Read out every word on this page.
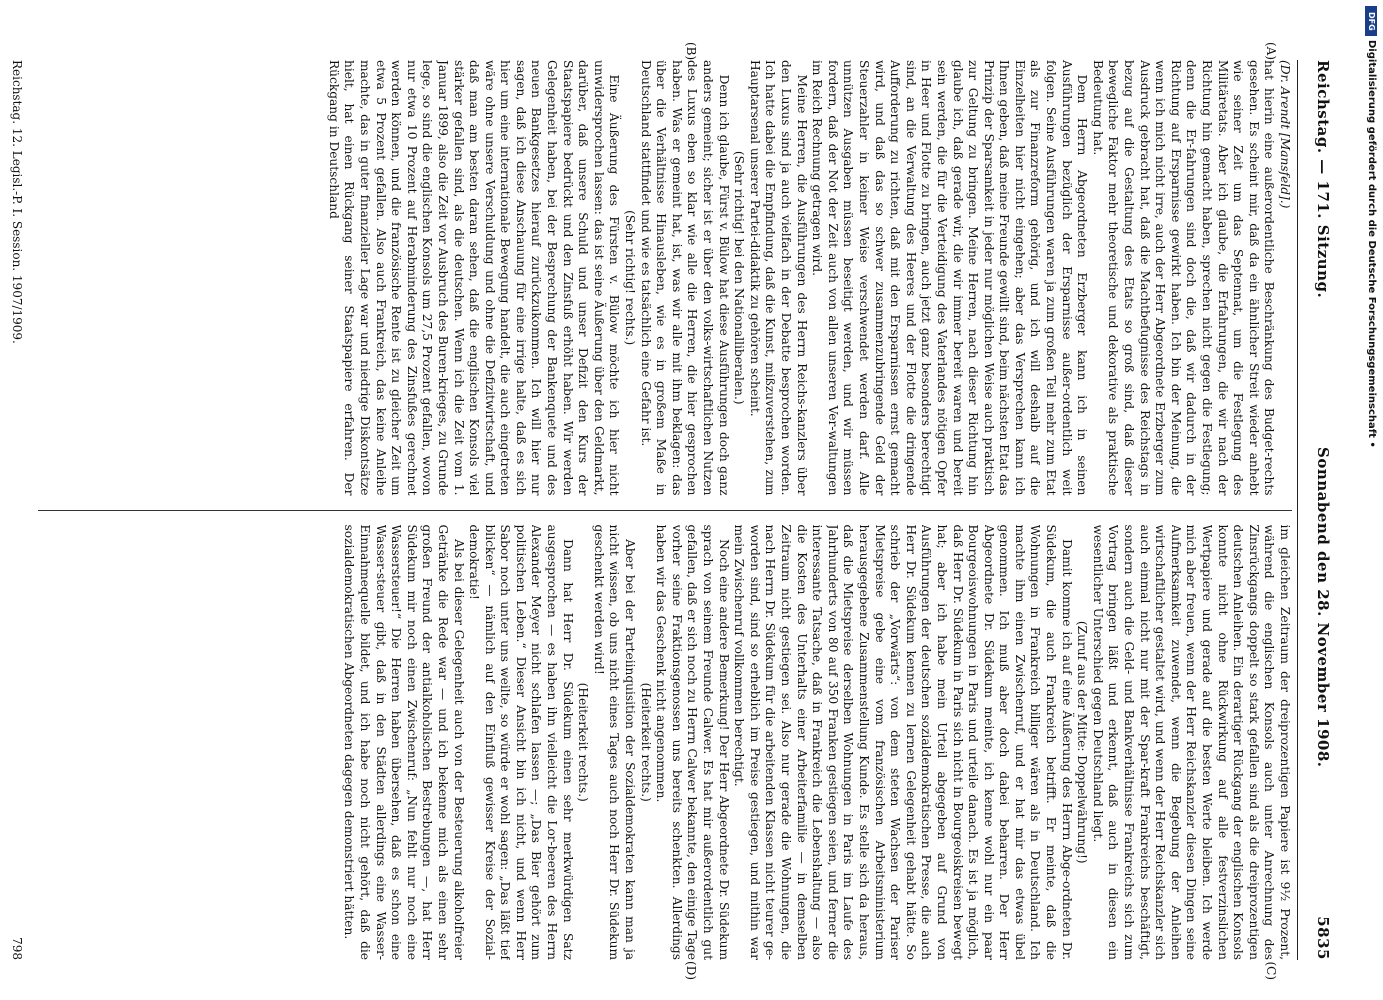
Reichstag. — 171. Sitzung.
Sonnabend den 28. November 1908.
5835

(Dr. Arendt [Mansfeld].)

hat hierin eine außerordentliche Beschränkung des Budget-rechts gesehen. Es scheint mir, daß da ein ähnlicher Streit wieder anhebt wie seiner Zeit um das Septennat, um die Festlegung des Militäretats. Aber ich glaube, die Erfahrungen, die wir nach der Richtung hin gemacht haben, sprechen nicht gegen die Festlegung; denn die Er-fahrungen sind doch die, daß wir dadurch in der Richtung auf Ersparnisse gewirkt haben. Ich bin der Meinung, die wenn ich mich nicht irre, auch der Herr Abgeordnete Erzberger zum Ausdruck gebracht hat, daß die Machtbefugnisse des Reichstags in bezug auf die Gestaltung des Etats so groß sind, daß dieser bewegliche Faktor mehr theoretische und dekorative als praktische Bedeutung hat.

Dem Herrn Abgeordneten Erzberger kann ich in seinen Ausführungen bezüglich der Ersparnisse außer-ordentlich weit folgen. Seine Ausführungen waren ja zum großen Teil mehr zum Etat als zur Finanzreform gehörig, und ich will deshalb auf die Einzelheiten hier nicht eingehen; aber das Versprechen kann ich Ihnen geben, daß meine Freunde gewillt sind, beim nächsten Etat das Prinzip der Sparsamkeit in jeder nur möglichen Weise auch praktisch zur Geltung zu bringen. Meine Herren, nach dieser Richtung hin glaube ich, daß gerade wir, die wir immer bereit waren und bereit sein werden, die für die Verteidigung des Vaterlandes nötigen Opfer in Heer und Flotte zu bringen, auch jetzt ganz besonders berechtigt sind, an die Verwaltung des Heeres und der Flotte die dringende Aufforderung zu richten, daß mit den Ersparnissen ernst gemacht wird, und daß das so schwer zusammenzubringende Geld der Steuerzahler in keiner Weise verschwendet werden darf. Alle unnützen Ausgaben müssen beseitigt werden, und wir müssen fordern, daß der Not der Zeit auch von allen unseren Ver-waltungen im Reich Rechnung getragen wird.

Meine Herren, die Ausführungen des Herrn Reichs-kanzlers über den Luxus sind ja auch vielfach in der Debatte besprochen worden. Ich hatte dabei die Empfindung, daß die Kunst, mißzuverstehen, zum Hauptarsenal unserer Partei-didaktik zu gehören scheint.

(Sehr richtig! bei den Nationalliberalen.)

Denn ich glaube, Fürst v. Bülow hat diese Ausführungen doch ganz anders gemeint; sicher ist er über den volks-wirtschaftlichen Nutzen des Luxus eben so klar wie alle die Herren, die hier gesprochen haben. Was er gemeint hat, ist, was wir alle mit ihm beklagen: das über die Verhältnisse Hinausleben, wie es in großem Maße in Deutschland stattfindet und wie es tatsächlich eine Gefahr ist.

(Sehr richtig! rechts.)

Eine Äußerung des Fürsten v. Bülow möchte ich hier nicht unwidersprochen lassen: das ist seine Äußerung über den Geldmarkt, darüber, daß unsere Schuld und unser Defizit den Kurs der Staatspapiere bedrückt und den Zinsfuß erhöht haben. Wir werden Gelegenheit haben, bei der Besprechung der Bankenquete und des neuen Bankgesetzes hierauf zurückzukommen. Ich will hier nur sagen, daß ich diese Anschauung für eine irrige halte, daß es sich hier um eine internationale Bewegung handelt, die auch eingetreten wäre ohne unsere Verschuldung und ohne die Defizitwirtschaft, und daß man am besten daran sehen, daß die englischen Konsols viel stärker gefallen sind, als die deutschen. Wenn ich die Zeit vom 1. Januar 1899, also die Zeit vor Ausbruch des Buren-krieges, zu Grunde lege, so sind die englischen Konsols um 27,5 Prozent gefallen, wovon nur etwa 10 Prozent auf Herabminderung des Zinsfußes gerechnet werden können, und die französische Rente ist zu gleicher Zeit um etwa 5 Prozent gefallen. Also auch Frankreich, das keine Anleihe machte, das in guter finanzieller Lage war und niedrige Diskontsätze hielt, hat einen Rückgang seiner Staatspapiere erfahren. Der Rückgang in Deutschland

im gleichen Zeitraum der dreiprozentigen Papiere ist 9½ Prozent, während die englischen Konsols auch unter Anrechnung des Zinsrückgangs doppelt so stark gefallen sind als die dreiprozentigen deutschen Anleihen. Ein derartiger Rückgang der englischen Konsols konnte nicht ohne Rückwirkung auf alle festverzinslichen Wertpapiere und gerade auf die besten Werte bleiben. Ich werde mich aber freuen, wenn der Herr Reichskanzler diesen Dingen seine Aufmerksamkeit zuwendet, wenn die Begebung der Anleihen wirtschaftlicher gestaltet wird, und wenn der Herr Reichskanzler sich auch einmal nicht nur mit der Spar-kraft Frankreichs beschäftigt, sondern auch die Geld- und Bankverhältnisse Frankreichs sich zum Vortrag bringen läßt und erkennt, daß auch in diesen ein wesentlicher Unterschied gegen Deutschland liegt.

(Zuruf aus der Mitte: Doppelwährung!)

Damit komme ich auf eine Äußerung des Herrn Abge-ordneten Dr. Südekum, die auch Frankreich betrifft. Er meinte, daß die Wohnungen in Frankreich billiger wären als in Deutschland. Ich machte ihm einen Zwischenruf, und er hat mir das etwas übel genommen. Ich muß aber doch dabei beharren. Der Herr Abgeordnete Dr. Südekum meinte, ich kenne wohl nur ein paar Bourgeoiswohnungen in Paris und urteile danach. Es ist ja möglich, daß Herr Dr. Südekum in Paris sich nicht in Bourgeoiskreisen bewegt hat; aber ich habe mein Urteil abgegeben auf Grund von Ausführungen der deutschen sozialdemokratischen Presse, die auch Herr Dr. Südekum kennen zu lernen Gelegenheit gehabt hätte. So schrieb der „Vorwärts“: von dem steten Wachsen der Pariser Mietspreise gebe eine vom französischen Arbeitsministerium herausgegebene Zusammenstellung Kunde. Es stelle sich da heraus, daß die Mietspreise derselben Wohnungen in Paris im Laufe des Jahrhunderts von 80 auf 350 Franken gestiegen seien, und ferner die interessante Tatsache, daß in Frankreich die Lebenshaltung — also die Kosten des Unterhalts einer Arbeiterfamilie — in demselben Zeitraum nicht gestiegen sei. Also nur gerade die Wohnungen, die nach Herrn Dr. Südekum für die arbeitenden Klassen nicht teurer ge-worden sind, sind so erheblich im Preise gestiegen, und mithin war mein Zwischenruf vollkommen berechtigt.

Noch eine andere Bemerkung! Der Herr Abgeordnete Dr. Südekum sprach von seinem Freunde Calwer. Es hat mir außerordentlich gut gefallen, daß er sich noch zu Herrn Calwer bekannte, den einige Tage vorher seine Fraktionsgenossen uns bereits schenkten. Allerdings haben wir das Geschenk nicht angenommen.

(Heiterkeit rechts.)

Aber bei der Parteiinquisition der Sozialdemokraten kann man ja nicht wissen, ob uns nicht eines Tages auch noch Herr Dr. Südekum geschenkt werden wird!

(Heiterkeit rechts.)

Dann hat Herr Dr. Südekum einen sehr merkwürdigen Satz ausgesprochen — es haben ihn vielleicht die Lor-beeren des Herrn Alexander Meyer nicht schlafen lassen —; „Das Bier gehört zum politischen Leben.“ Dieser Ansicht bin ich nicht, und wenn Herr Sabor noch unter uns weilte, so würde er wohl sagen: „Das läßt tief blicken“ — nämlich auf den Einfluß gewisser Kreise der Sozial-demokratie!

Als bei dieser Gelegenheit auch von der Besteuerung alkoholfreier Getränke die Rede war — und ich bekenne mich als einen sehr großen Freund der antialkoholischen Bestrebungen —, hat Herr Südekum mir noch einen Zwischenruf: „Nun fehlt nur noch eine Wassersteuer!“ Die Herren haben übersehen, daß es schon eine Wasser-steuer gibt, daß in den Städten allerdings eine Wasser-Einnahmequelle bildet, und ich habe noch nicht gehört, daß die sozialdemokratischen Abgeordneten dagegen demonstriert hätten.

(A)
(B)
(C)
(D)
Reichstag. 12. Legisl.-P. I. Session. 1907/1909.
798
Digitalisierung gefördert durch die Deutsche Forschungsgemeinschaft •
DFG
